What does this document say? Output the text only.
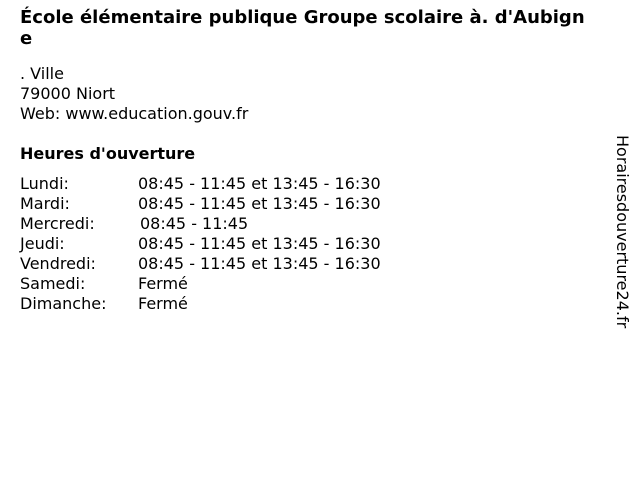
École élémentaire publique Groupe scolaire à. d'Aubigne
. Ville
79000 Niort
Web: www.education.gouv.fr
Heures d'ouverture
Lundi:	08:45 - 11:45 et 13:45 - 16:30
Mardi:	08:45 - 11:45 et 13:45 - 16:30
Mercredi:	08:45 - 11:45
Jeudi:	08:45 - 11:45 et 13:45 - 16:30
Vendredi:	08:45 - 11:45 et 13:45 - 16:30
Samedi:	Fermé
Dimanche: Fermé	Horairesdouverture24.fr
